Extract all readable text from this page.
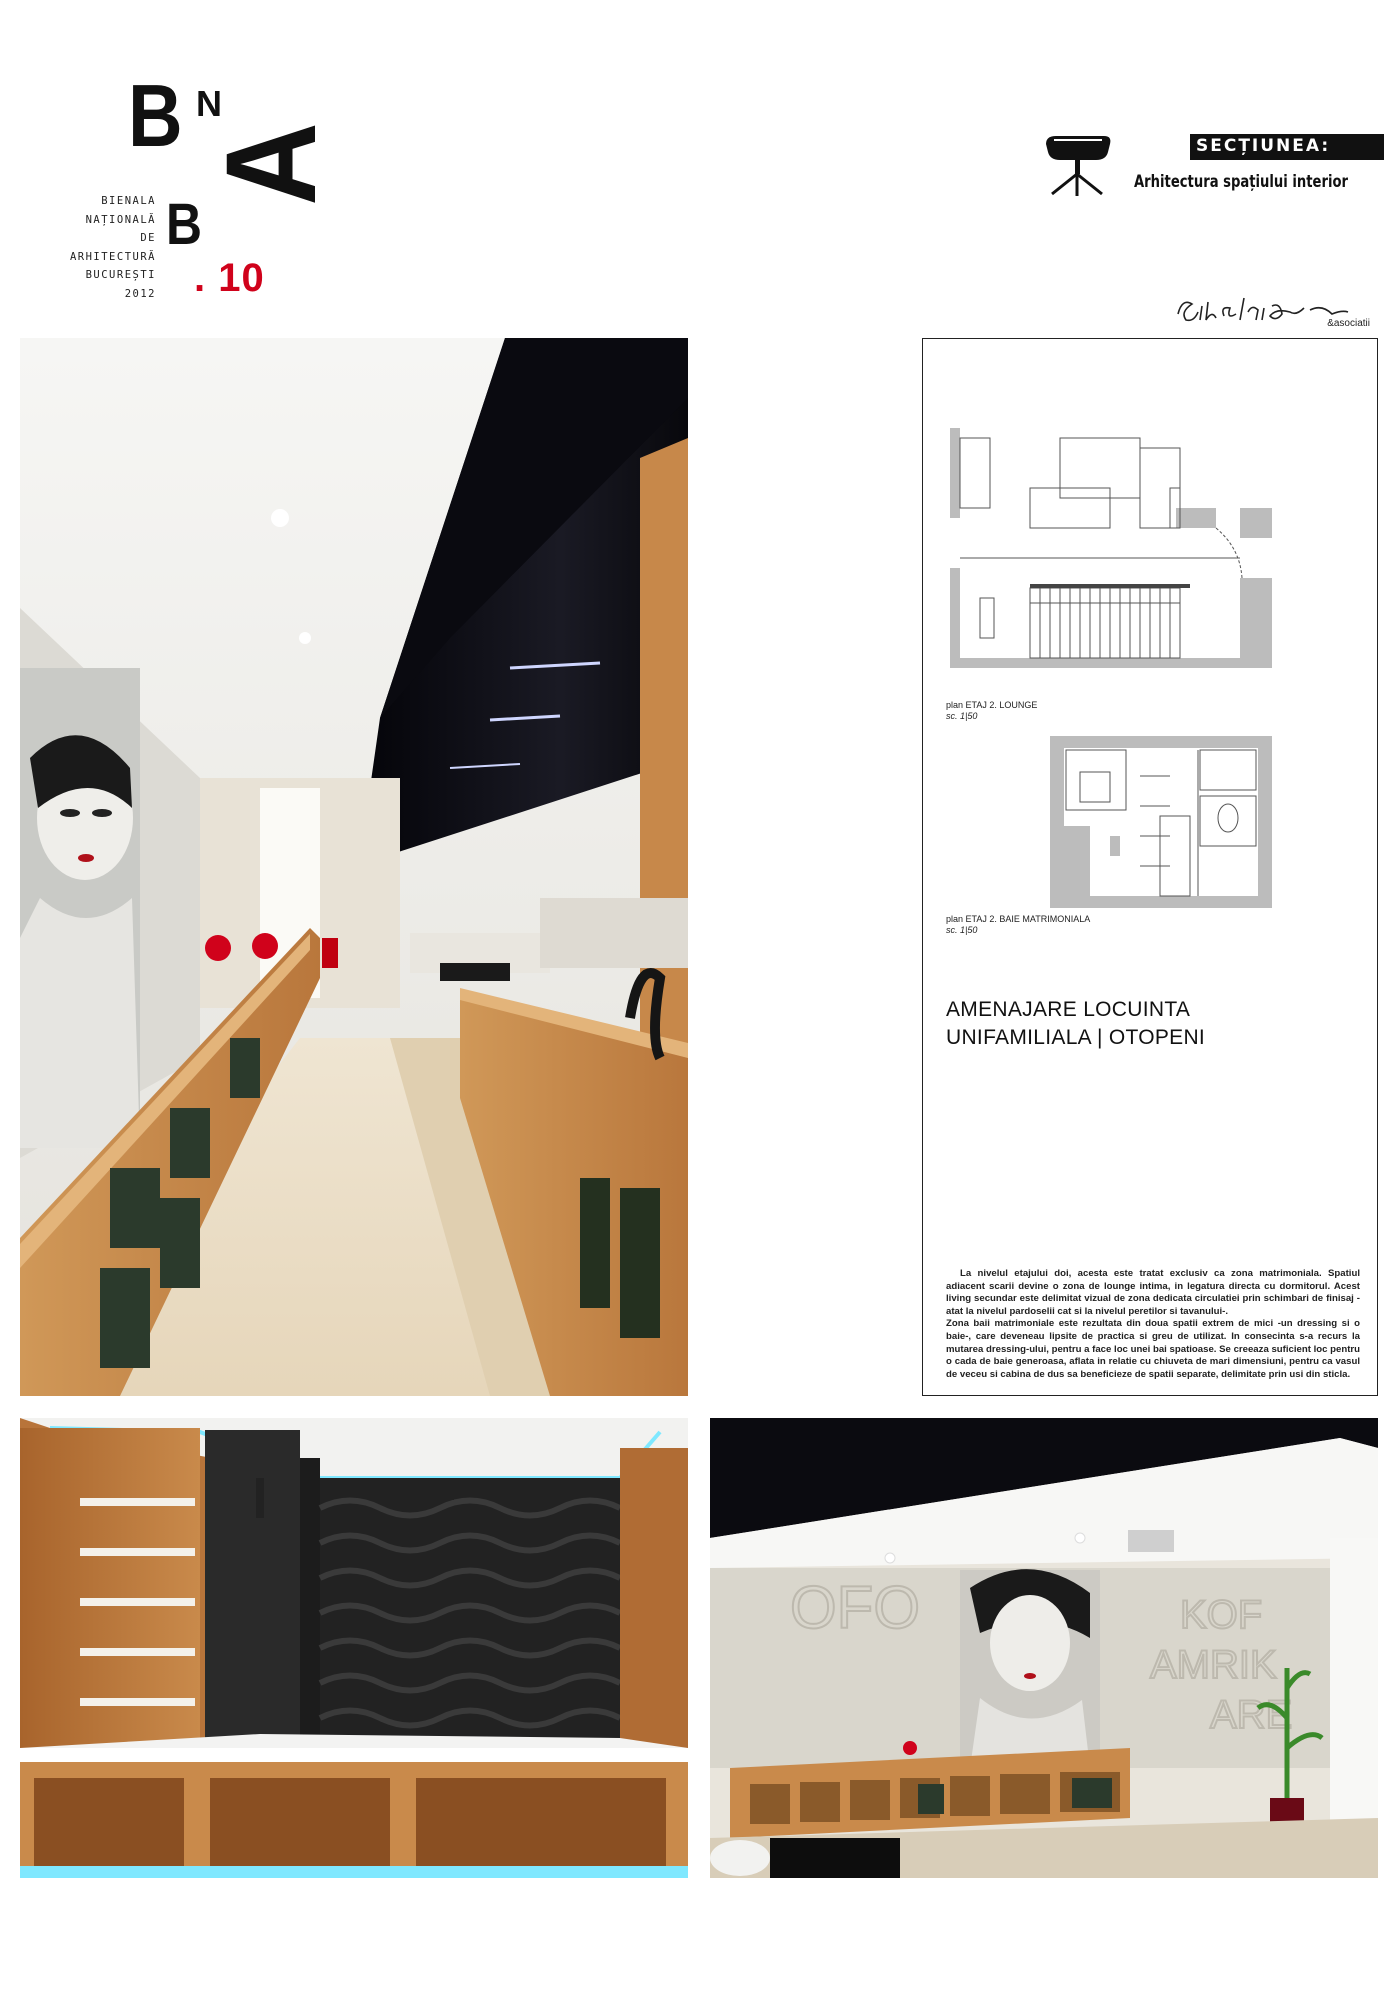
B N
A
B
BIENALA
NAȚIONALĂ
DE
ARHITECTURĂ
BUCUREȘTI
2012 . 10
SECȚIUNEA:
Arhitectura spațiului interior
Silvia Mihăilescu & asociatii &asociatii
plan ETAJ 2. LOUNGE
sc. 1|50
plan ETAJ 2. BAIE MATRIMONIALA
sc. 1|50
AMENAJARE LOCUINTA
UNIFAMILIALA | OTOPENI

La nivelul etajului doi, acesta este tratat exclusiv ca zona matrimoniala. Spatiul adiacent scarii devine o zona de lounge intima, in legatura directa cu dormitorul. Acest living secundar este delimitat vizual de zona dedicata circulatiei prin schimbari de finisaj -atat la nivelul pardoselii cat si la nivelul peretilor si tavanului-.

Zona baii matrimoniale este rezultata din doua spatii extrem de mici -un dressing si o baie-, care deveneau lipsite de practica si greu de utilizat. In consecinta s-a recurs la mutarea dressing-ului, pentru a face loc unei bai spatioase. Se creeaza suficient loc pentru o cada de baie generoasa, aflata in relatie cu chiuveta de mari dimensiuni, pentru ca vasul de veceu si cabina de dus sa beneficieze de spatii separate, delimitate prin usi din sticla.

OFO	KOF
AMRIK
ARE
